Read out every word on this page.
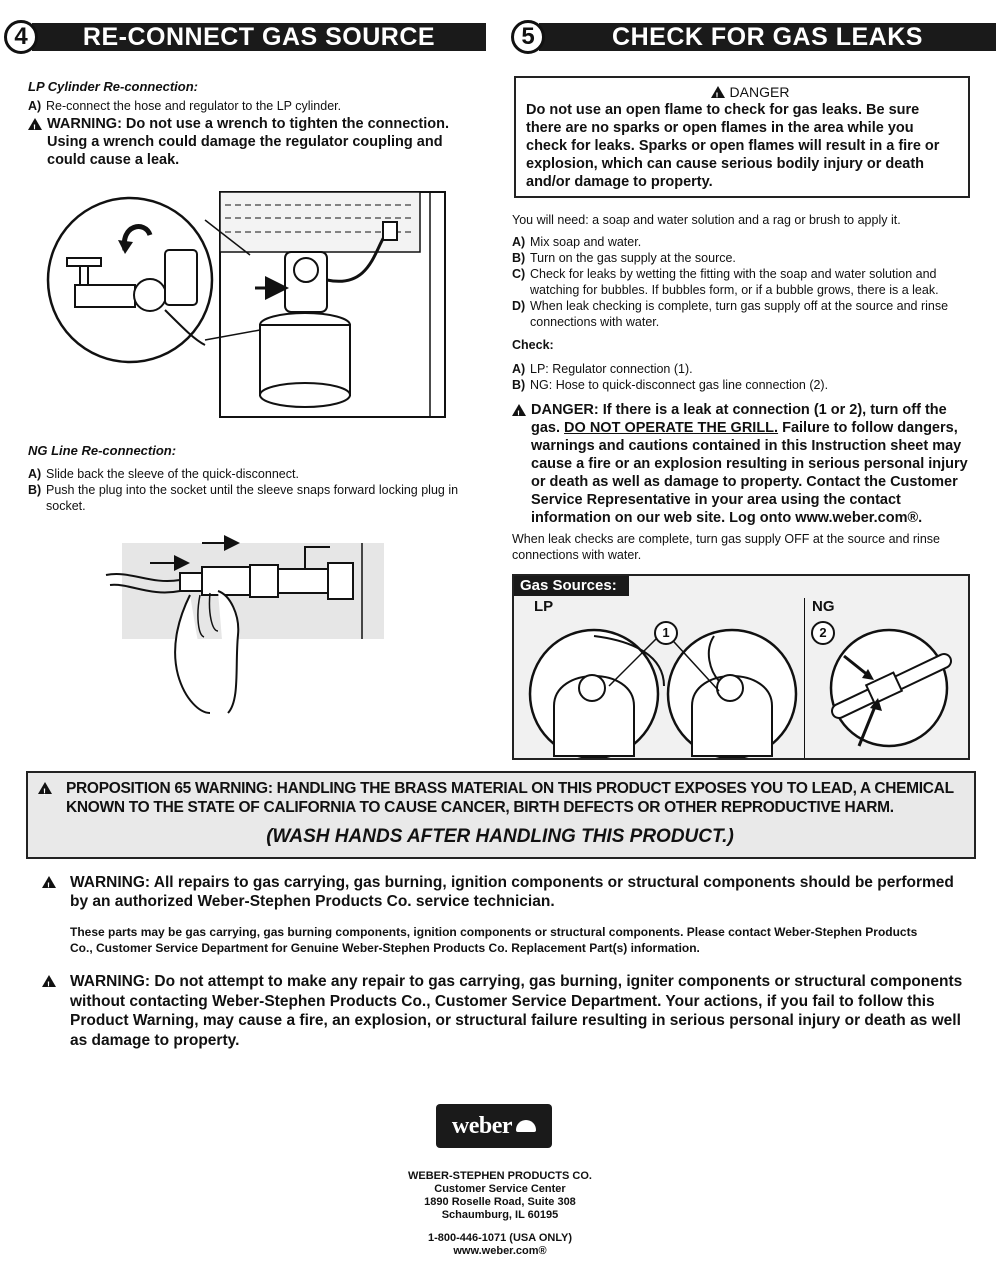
4	RE-CONNECT GAS SOURCE
LP Cylinder Re-connection:
A) Re-connect the hose and regulator to the LP cylinder.
!
WARNING: Do not use a wrench to tighten the connection. Using a wrench could damage the regulator coupling and could cause a leak.
NG Line Re-connection:
A) Slide back the sleeve of the quick-disconnect.
B) Push the plug into the socket until the sleeve snaps forward locking plug in socket.
5	CHECK FOR GAS LEAKS
!DANGER
Do not use an open flame to check for gas leaks. Be sure there are no sparks or open flames in the area while you check for leaks. Sparks or open flames will result in a fire or explosion, which can cause serious bodily injury or death and/or damage to property.
You will need: a soap and water solution and a rag or brush to apply it.
A) Mix soap and water.
B) Turn on the gas supply at the source.
C) Check for leaks by wetting the fitting with the soap and water solution and watching for bubbles. If bubbles form, or if a bubble grows, there is a leak.
D) When leak checking is complete, turn gas supply off at the source and rinse connections with water.
Check:
A) LP: Regulator connection (1).
B) NG: Hose to quick-disconnect gas line connection (2).
!
DANGER: If there is a leak at connection (1 or 2), turn off the gas. DO NOT OPERATE THE GRILL. Failure to follow dangers, warnings and cautions contained in this Instruction sheet may cause a fire or an explosion resulting in serious personal injury or death as well as damage to property. Contact the Customer Service Representative in your area using the contact information on our web site. Log onto www.weber.com®.
When leak checks are complete, turn gas supply OFF at the source and rinse connections with water.
Gas Sources:
LP	NG
1	2
!
PROPOSITION 65 WARNING: HANDLING THE BRASS MATERIAL ON THIS PRODUCT EXPOSES YOU TO LEAD, A CHEMICAL KNOWN TO THE STATE OF CALIFORNIA TO CAUSE CANCER, BIRTH DEFECTS OR OTHER REPRODUCTIVE HARM.
(WASH HANDS AFTER HANDLING THIS PRODUCT.)
!
WARNING: All repairs to gas carrying, gas burning, ignition components or structural components should be performed by an authorized Weber-Stephen Products Co. service technician.
These parts may be gas carrying, gas burning components, ignition components or structural components. Please contact Weber-Stephen Products Co., Customer Service Department for Genuine Weber-Stephen Products Co. Replacement Part(s) information.
!
WARNING: Do not attempt to make any repair to gas carrying, gas burning, igniter components or structural components without contacting Weber-Stephen Products Co., Customer Service Department. Your actions, if you fail to follow this Product Warning, may cause a fire, an explosion, or structural failure resulting in serious personal injury or death as well as damage to property.
weber
WEBER-STEPHEN PRODUCTS CO.
Customer Service Center
1890 Roselle Road, Suite 308
Schaumburg, IL 60195
1-800-446-1071 (USA ONLY)
www.weber.com®
